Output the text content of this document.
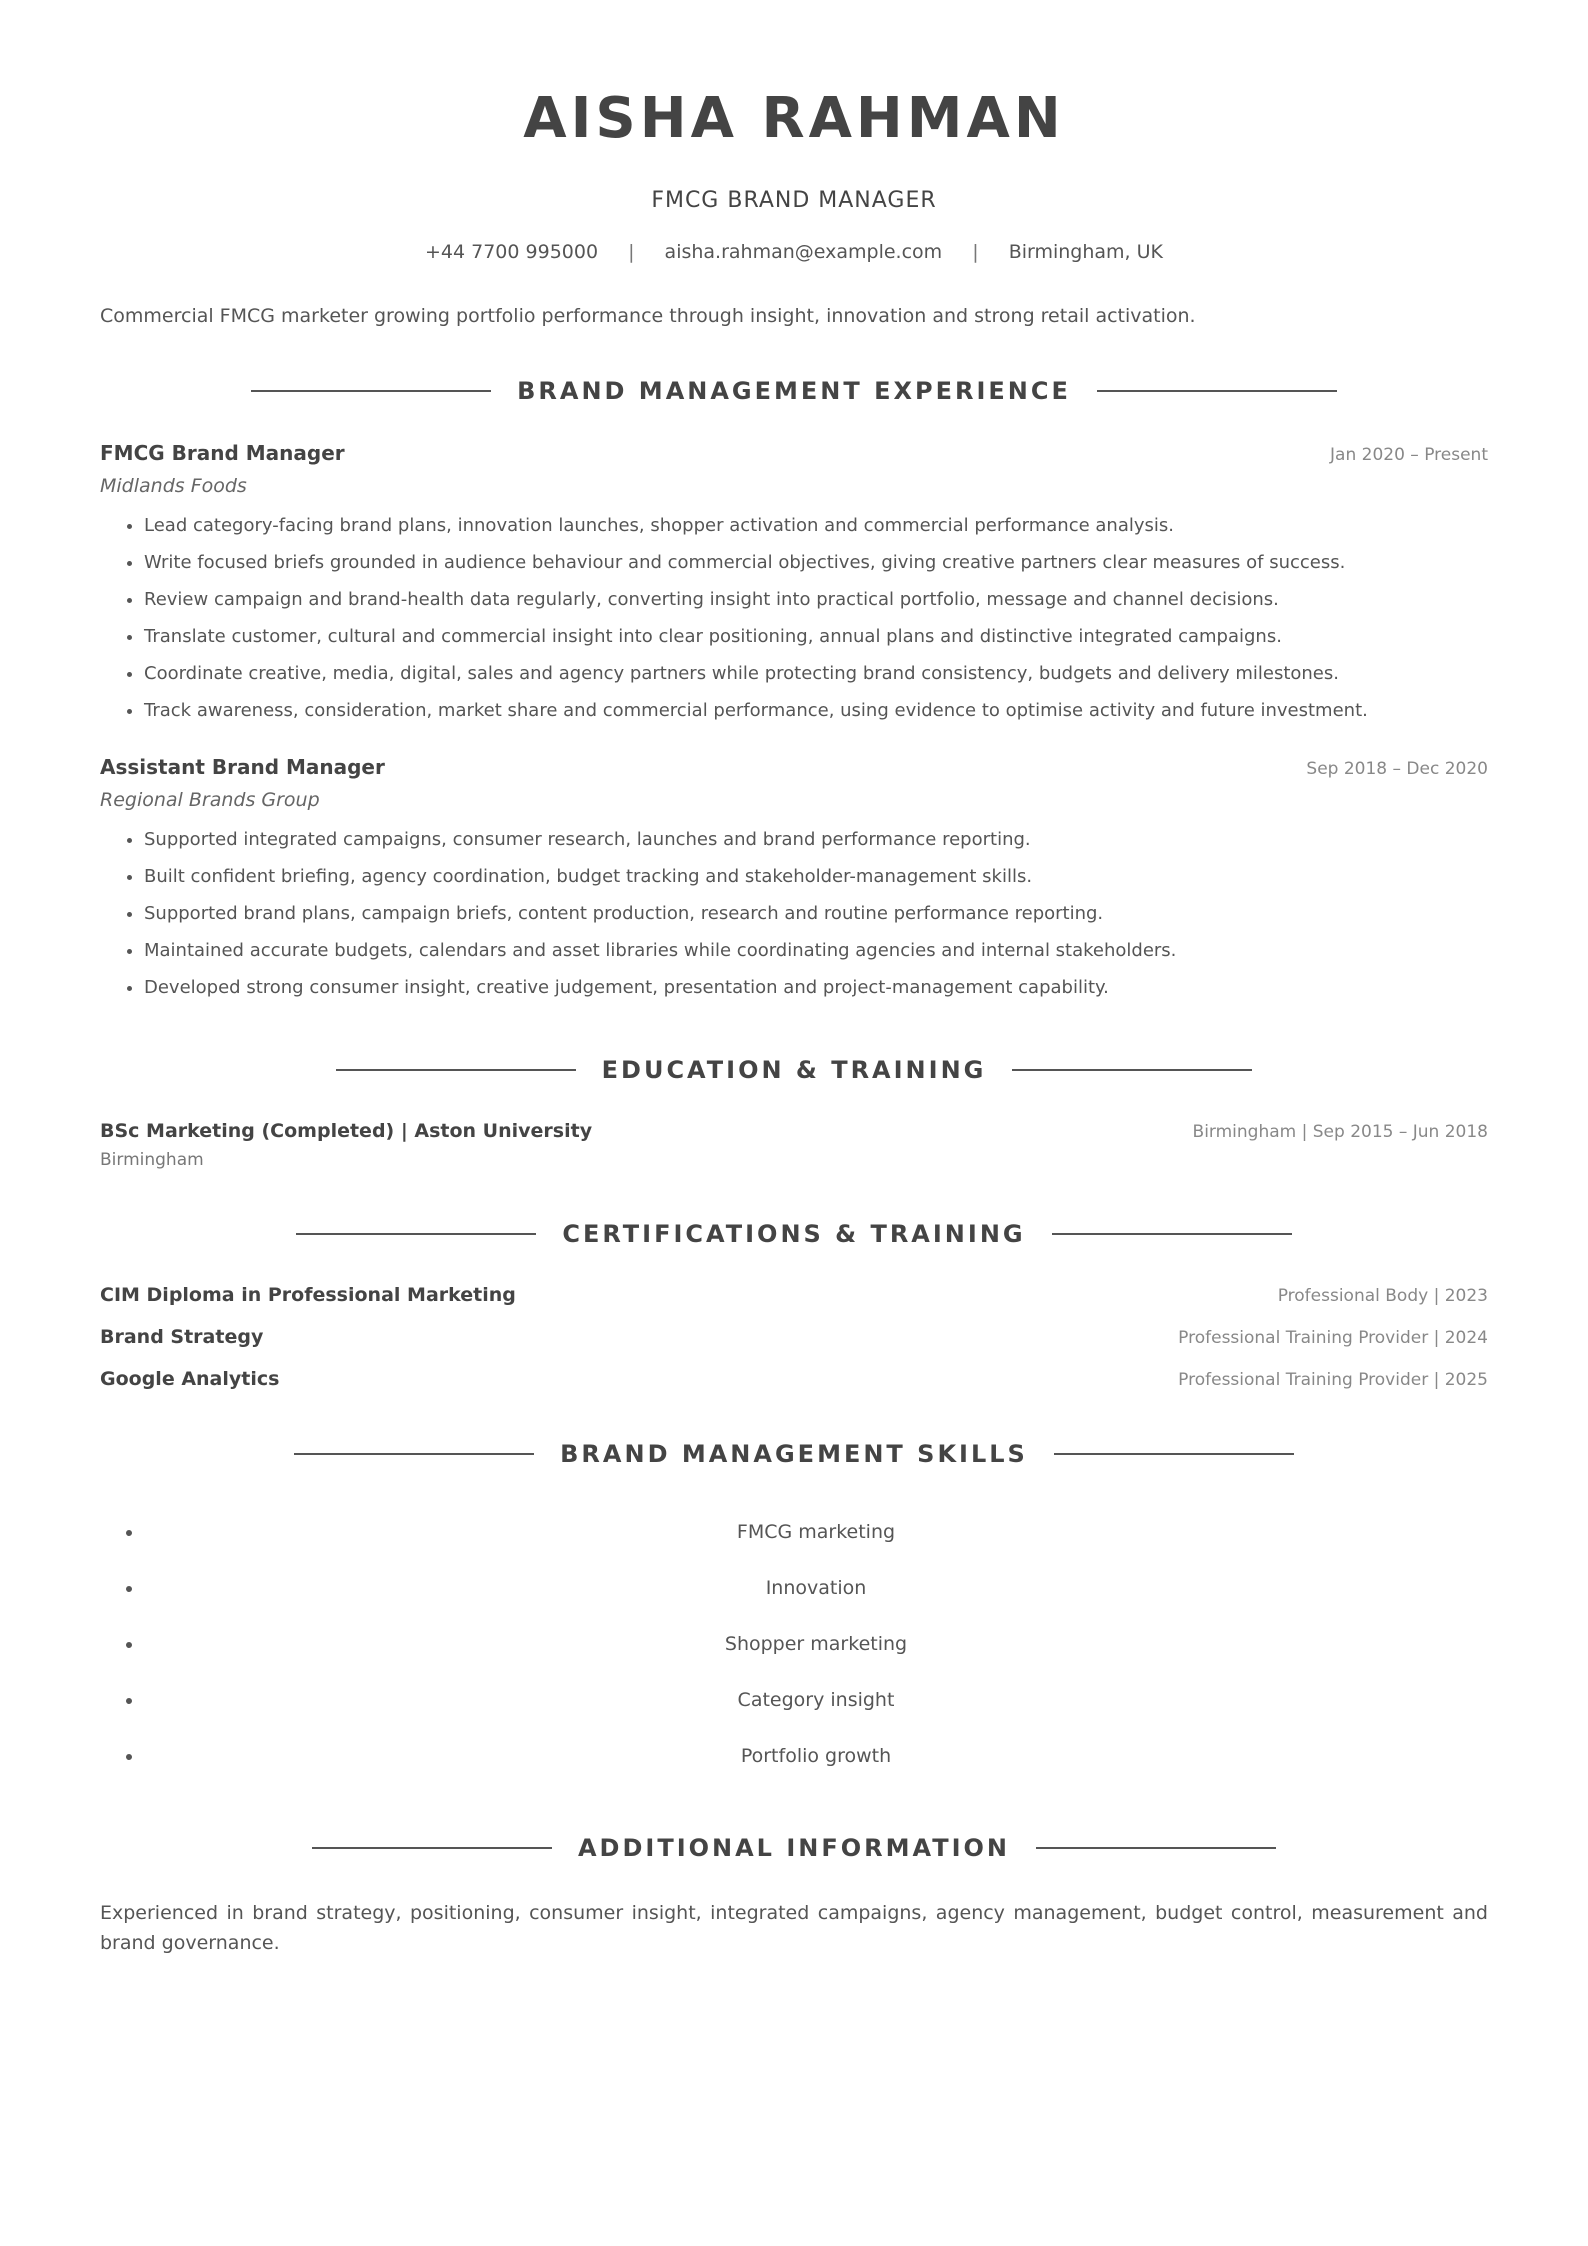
AISHA RAHMAN
FMCG BRAND MANAGER
+44 7700 995000 | aisha.rahman@example.com | Birmingham, UK
Commercial FMCG marketer growing portfolio performance through insight, innovation and strong retail activation.
BRAND MANAGEMENT EXPERIENCE
FMCG Brand Manager	Jan 2020 – Present
Midlands Foods
• Lead category-facing brand plans, innovation launches, shopper activation and commercial performance analysis.
• Write focused briefs grounded in audience behaviour and commercial objectives, giving creative partners clear measures of success.
• Review campaign and brand-health data regularly, converting insight into practical portfolio, message and channel decisions.
• Translate customer, cultural and commercial insight into clear positioning, annual plans and distinctive integrated campaigns.
• Coordinate creative, media, digital, sales and agency partners while protecting brand consistency, budgets and delivery milestones.
• Track awareness, consideration, market share and commercial performance, using evidence to optimise activity and future investment.
Assistant Brand Manager	Sep 2018 – Dec 2020
Regional Brands Group
• Supported integrated campaigns, consumer research, launches and brand performance reporting.
• Built confident briefing, agency coordination, budget tracking and stakeholder-management skills.
• Supported brand plans, campaign briefs, content production, research and routine performance reporting.
• Maintained accurate budgets, calendars and asset libraries while coordinating agencies and internal stakeholders.
• Developed strong consumer insight, creative judgement, presentation and project-management capability.
EDUCATION & TRAINING
BSc Marketing (Completed) | Aston University	Birmingham | Sep 2015 – Jun 2018
Birmingham
CERTIFICATIONS & TRAINING
CIM Diploma in Professional Marketing	Professional Body | 2023
Brand Strategy	Professional Training Provider | 2024
Google Analytics	Professional Training Provider | 2025
BRAND MANAGEMENT SKILLS
• FMCG marketing
• Innovation
• Shopper marketing
• Category insight
• Portfolio growth
ADDITIONAL INFORMATION
Experienced in brand strategy, positioning, consumer insight, integrated campaigns, agency management, budget control, measurement and brand governance.
